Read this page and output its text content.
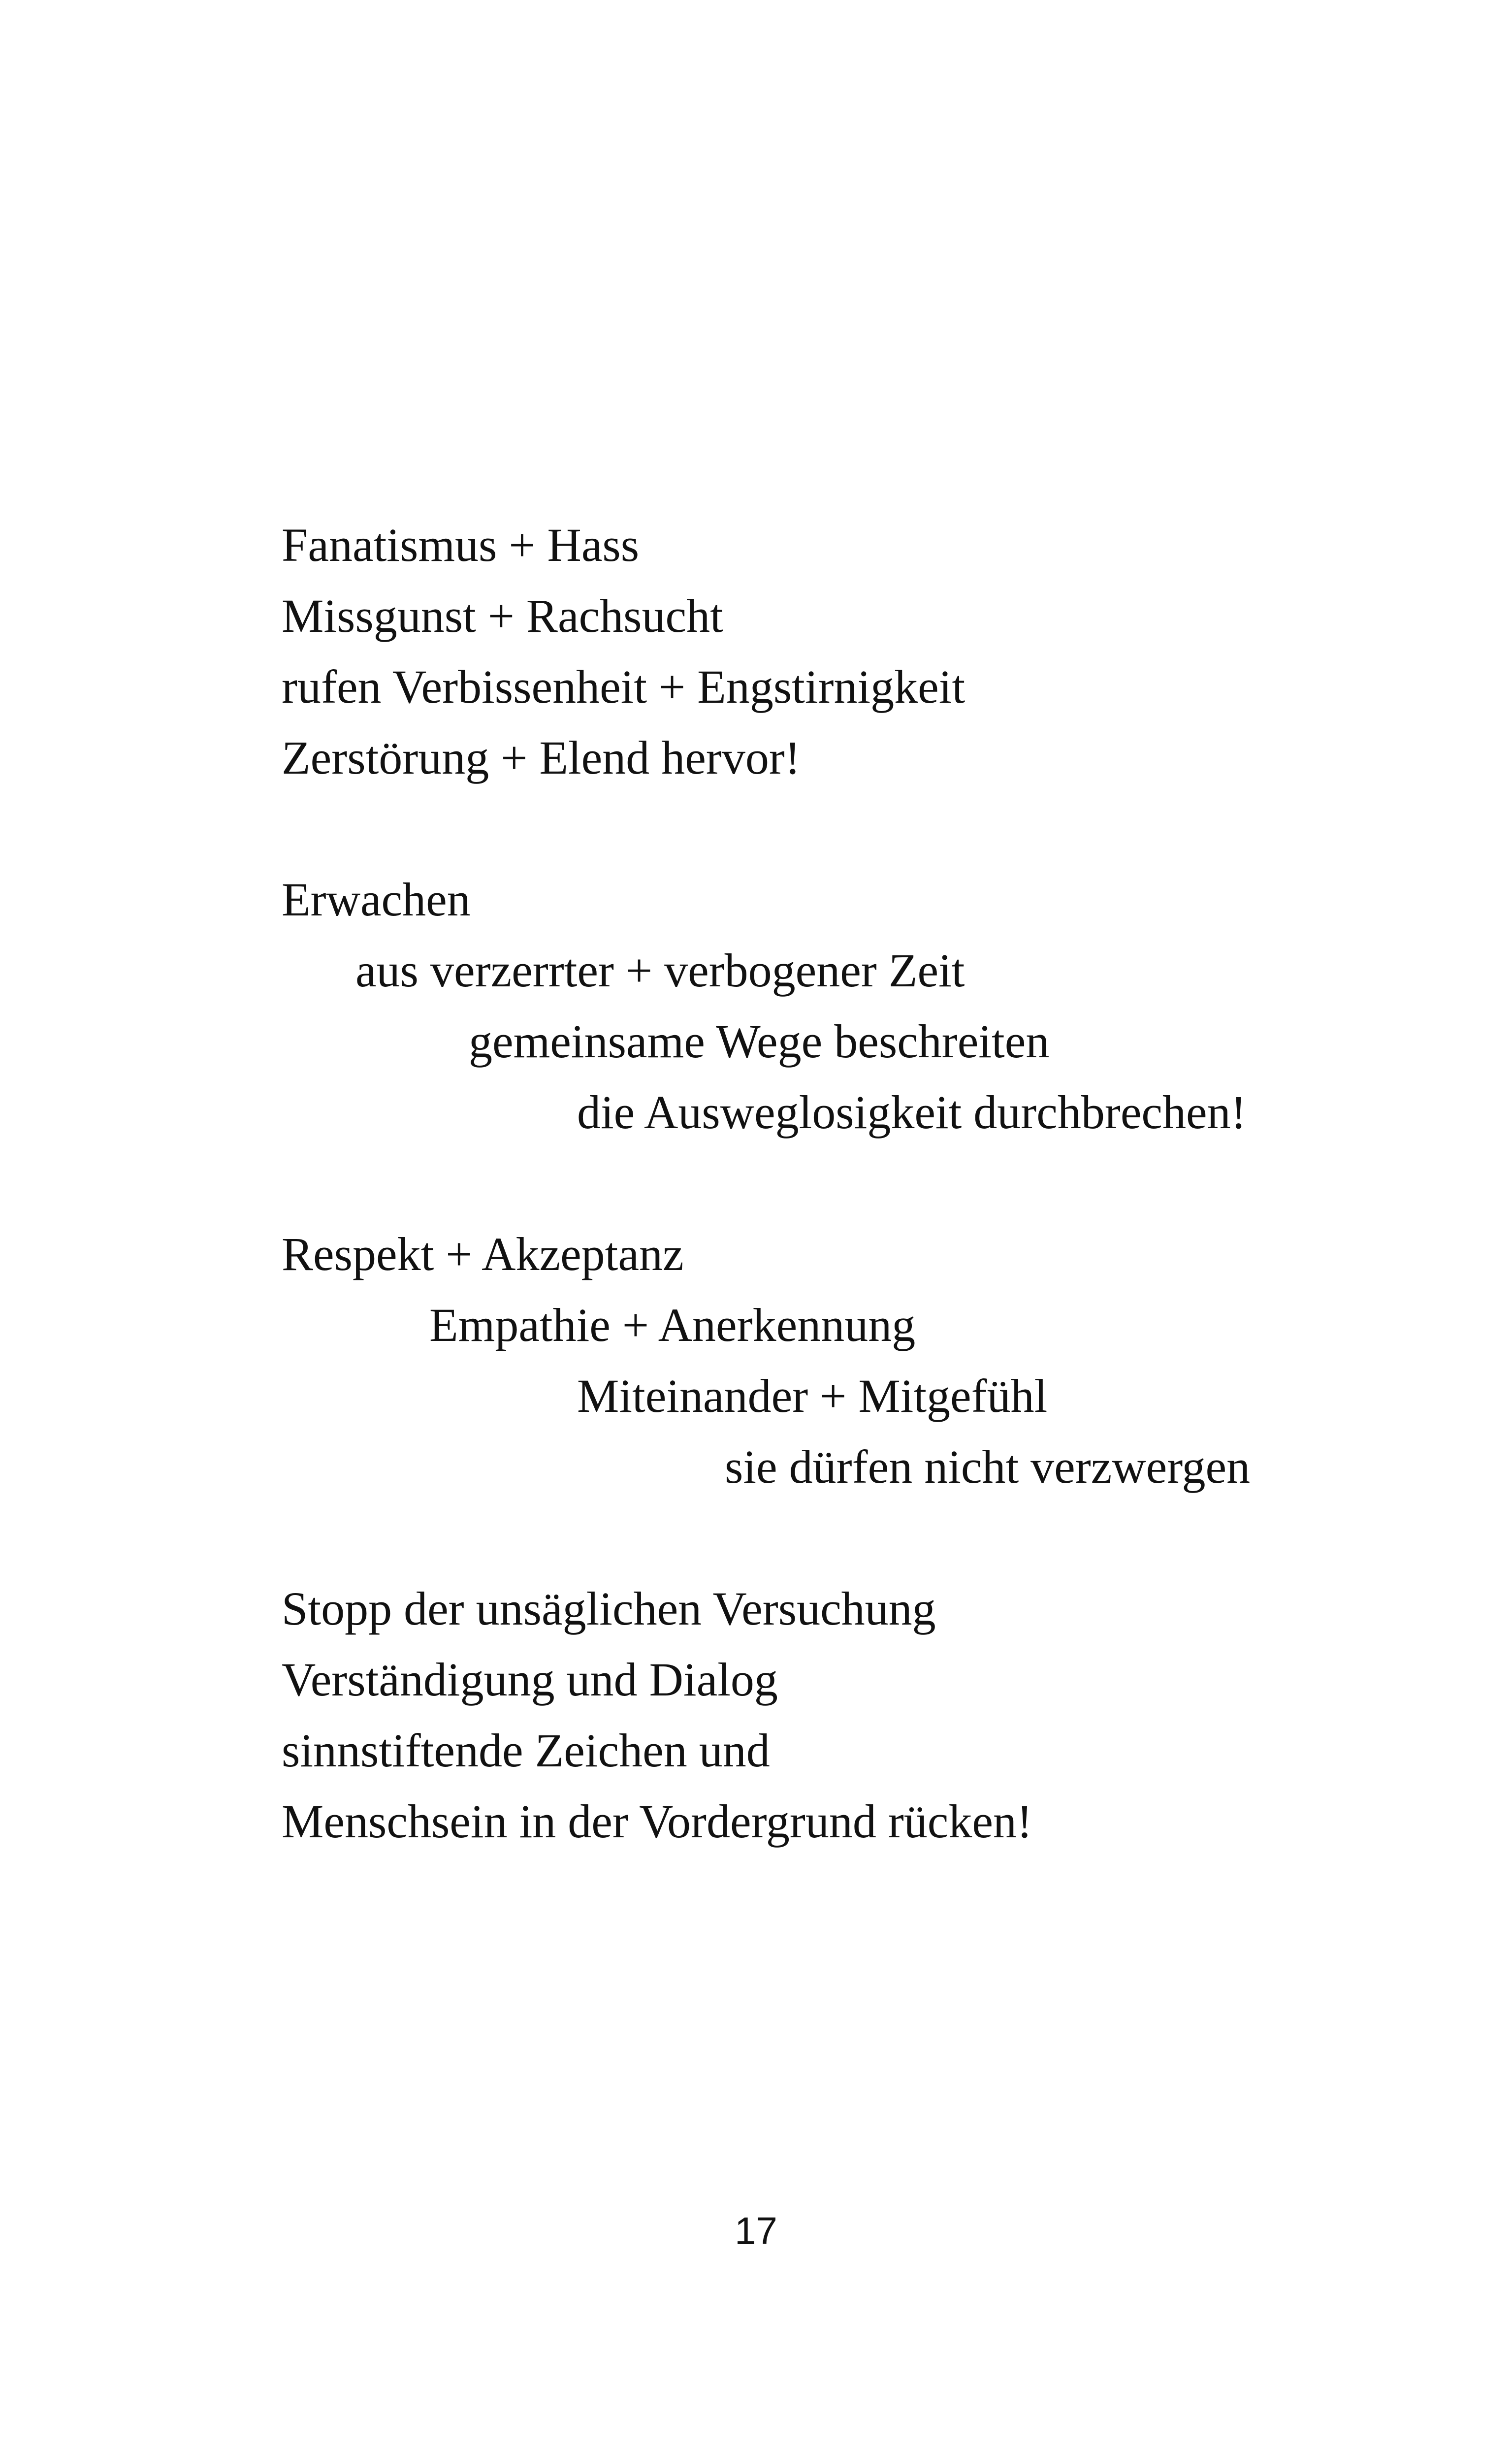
Fanatismus + Hass
Missgunst + Rachsucht
rufen Verbissenheit + Engstirnigkeit
Zerstörung + Elend hervor!
Erwachen
aus verzerrter + verbogener Zeit
gemeinsame Wege beschreiten
die Ausweglosigkeit durchbrechen!
Respekt + Akzeptanz
Empathie + Anerkennung
Miteinander + Mitgefühl
sie dürfen nicht verzwergen
Stopp der unsäglichen Versuchung
Verständigung und Dialog
sinnstiftende Zeichen und
Menschsein in der Vordergrund rücken!
17
